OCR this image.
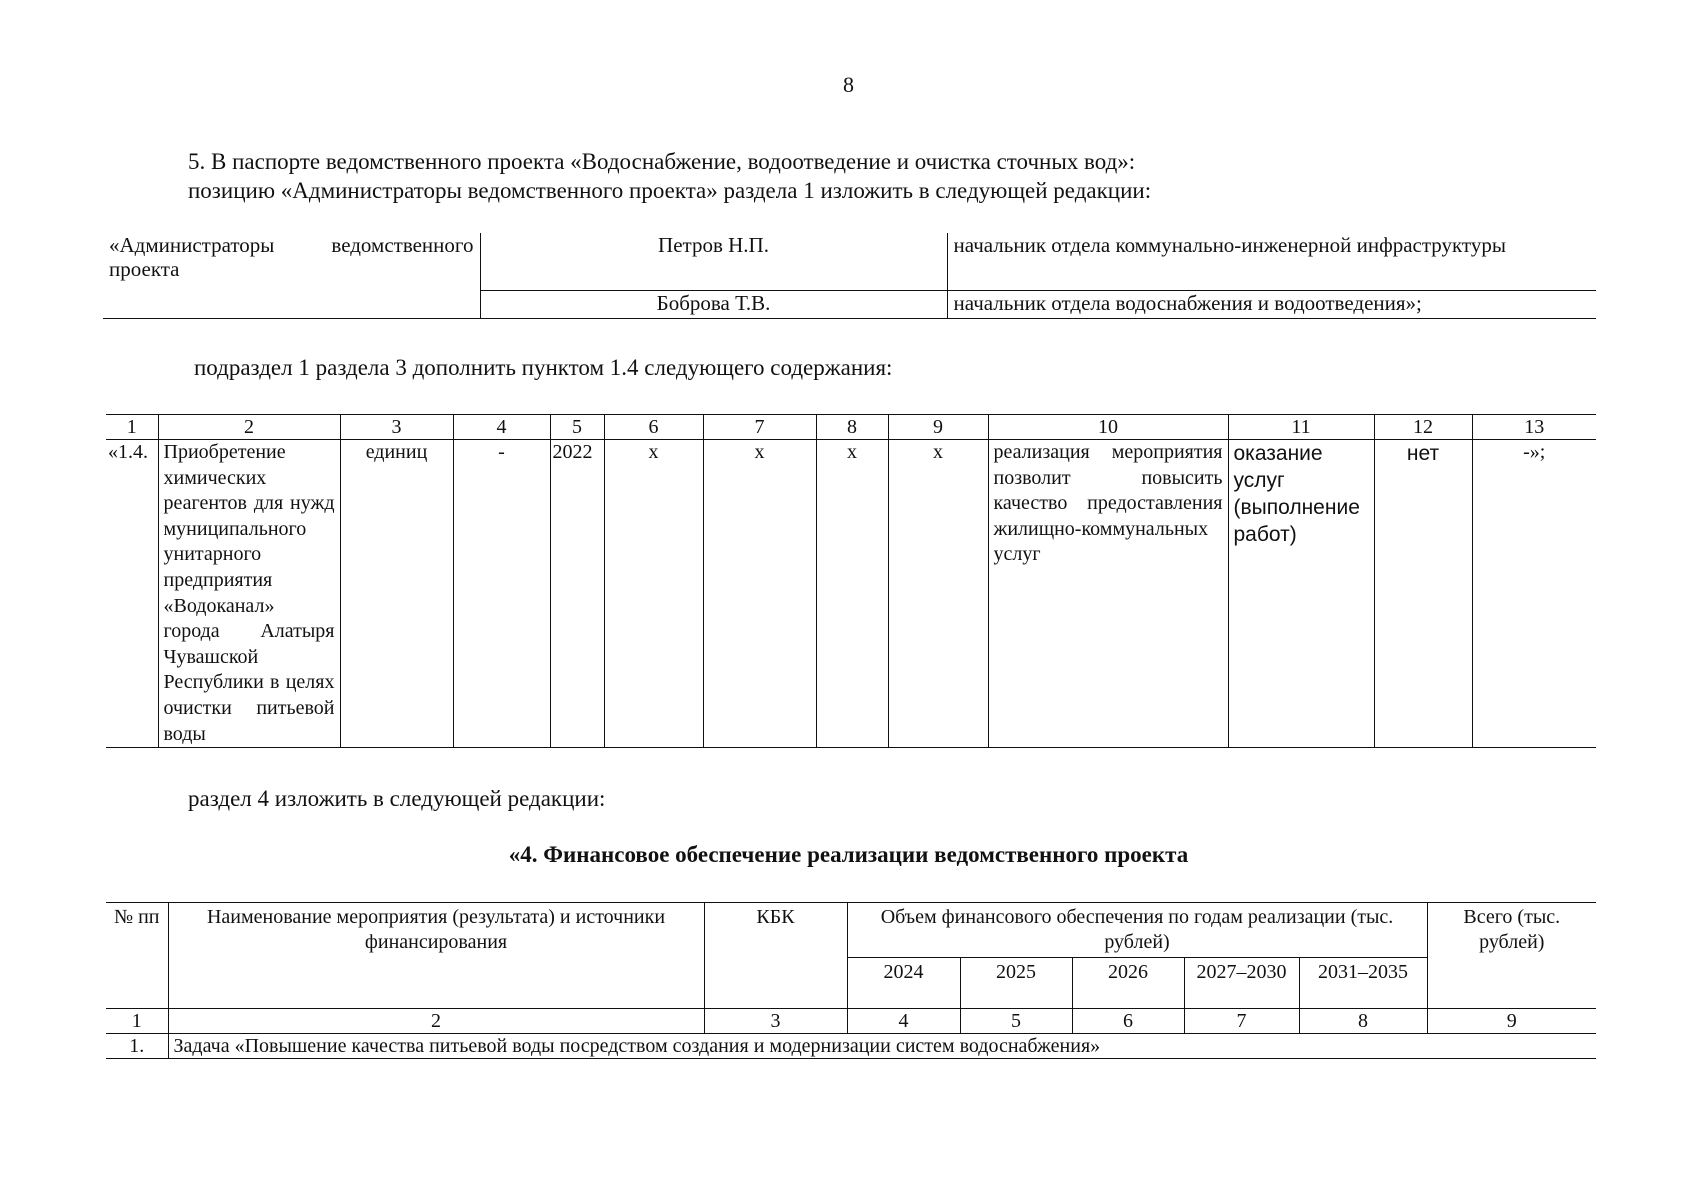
8
5. В паспорте ведомственного проекта «Водоснабжение, водоотведение и очистка сточных вод»:
позицию «Администраторы ведомственного проекта» раздела 1 изложить в следующей редакции:
«Администраторы ведомственного проекта	Петров Н.П.	начальник отдела коммунально-инженерной инфраструктуры
	Боброва Т.В.	начальник отдела водоснабжения и водоотведения»;
подраздел 1 раздела 3 дополнить пунктом 1.4 следующего содержания:
1	2	3	4	5	6	7	8	9	10	11	12	13
«1.4.	Приобретение химических реагентов для нужд муниципального унитарного предприятия «Водоканал» города Алатыря Чувашской Республики в целях очистки питьевой воды	единиц	-	2022	х	х	х	х	реализация мероприятия позволит повысить качество предоставления жилищно-коммунальных услуг	оказание услуг (выполнение работ)	нет	-»;
раздел 4 изложить в следующей редакции:
«4. Финансовое обеспечение реализации ведомственного проекта
№ пп	Наименование мероприятия (результата) и источники финансирования	КБК	Объем финансового обеспечения по годам реализации (тыс. рублей)					Всего (тыс. рублей)
			2024	2025	2026	2027–2030	2031–2035	
1	2	3	4	5	6	7	8	9
1.	Задача «Повышение качества питьевой воды посредством создания и модернизации систем водоснабжения»							
